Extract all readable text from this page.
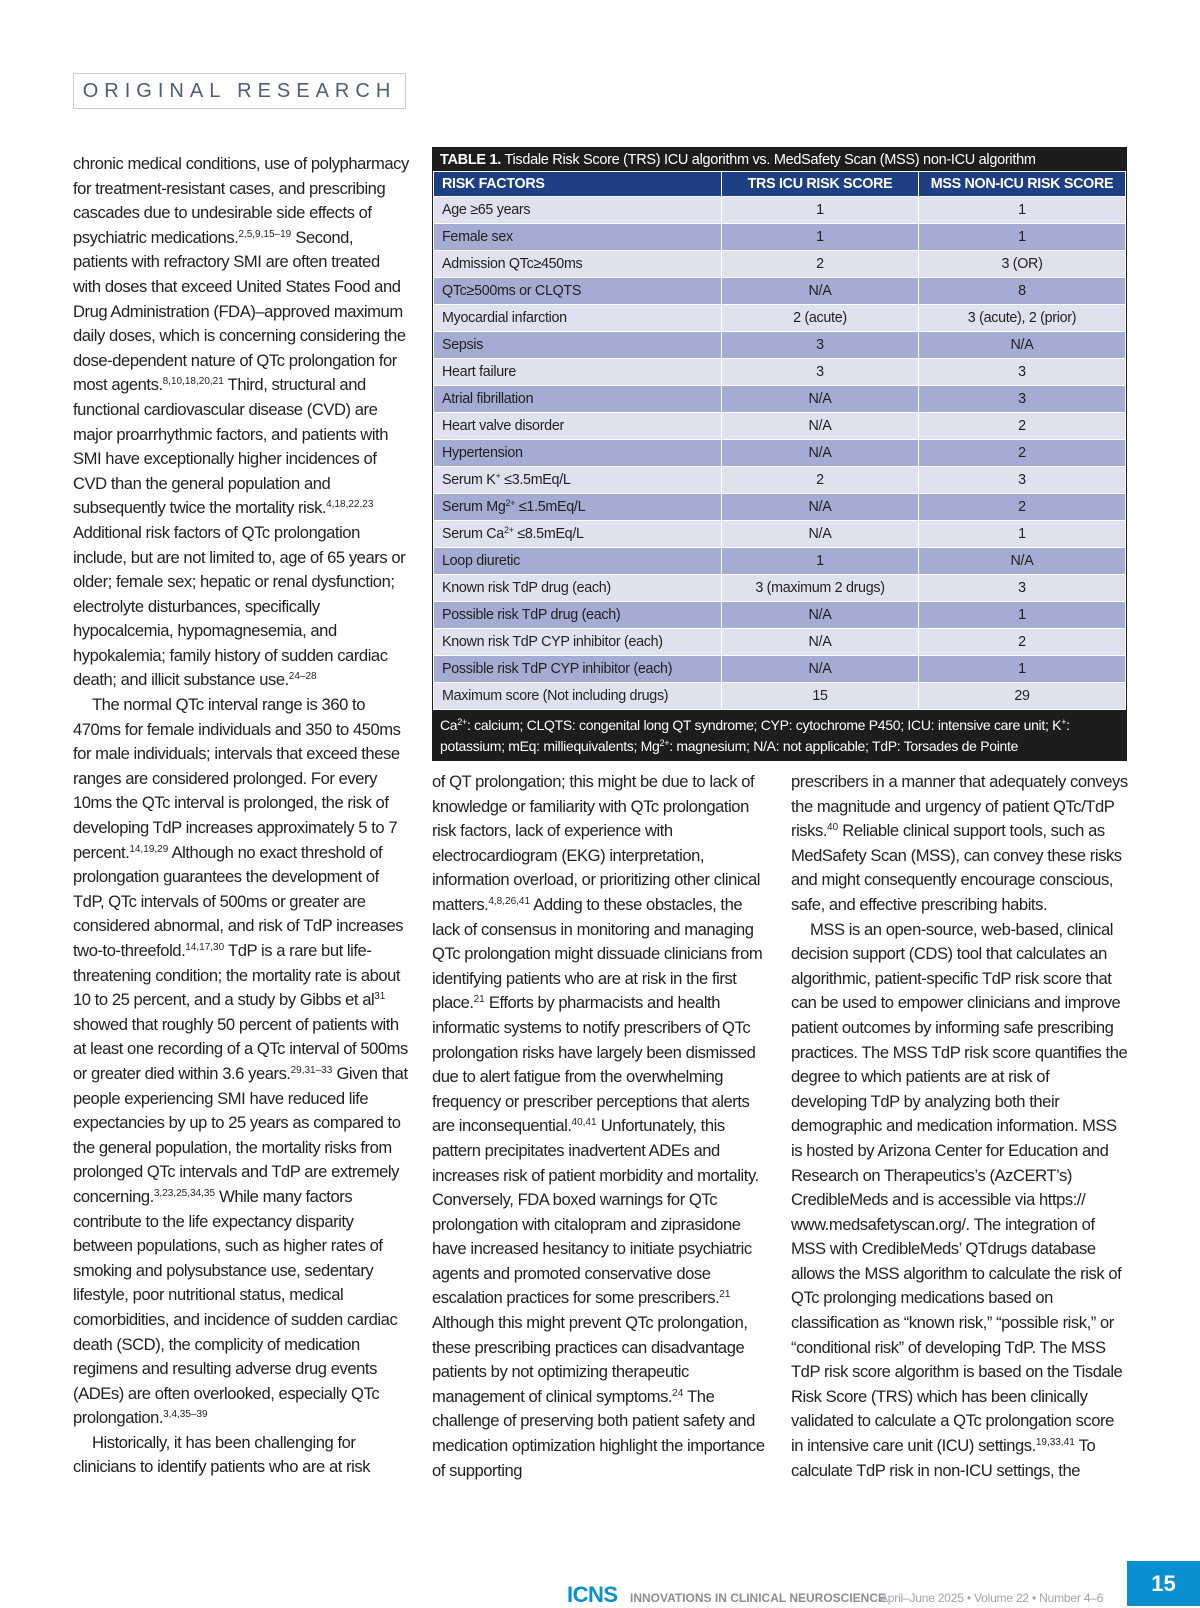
ORIGINAL RESEARCH

chronic medical conditions, use of polypharmacy for treatment-resistant cases, and prescribing cascades due to undesirable side effects of psychiatric medications.$^{2,5,9,15-19}$ Second, patients with refractory SMI are often treated with doses that exceed United States Food and Drug Administration (FDA)–approved maximum daily doses, which is concerning considering the dose-dependent nature of QTc prolongation for most agents.$^{8,10,18,20,21}$ Third, structural and functional cardiovascular disease (CVD) are major proarrhythmic factors, and patients with SMI have exceptionally higher incidences of CVD than the general population and subsequently twice the mortality risk.$^{4,18,22,23}$ Additional risk factors of QTc prolongation include, but are not limited to, age of 65 years or older; female sex; hepatic or renal dysfunction; electrolyte disturbances, specifically hypocalcemia, hypomagnesemia, and hypokalemia; family history of sudden cardiac death; and illicit substance use.$^{24-28}$

The normal QTc interval range is 360 to 470ms for female individuals and 350 to 450ms for male individuals; intervals that exceed these ranges are considered prolonged. For every 10ms the QTc interval is prolonged, the risk of developing TdP increases approximately 5 to 7 percent.$^{14,19,29}$ Although no exact threshold of prolongation guarantees the development of TdP, QTc intervals of 500ms or greater are considered abnormal, and risk of TdP increases two-to-threefold.$^{14,17,30}$ TdP is a rare but life-threatening condition; the mortality rate is about 10 to 25 percent, and a study by Gibbs et $al^{31}$ showed that roughly 50 percent of patients with at least one recording of a QTc interval of 500ms or greater died within 3.6 years.$^{29,31-33}$ Given that people experiencing SMI have reduced life expectancies by up to 25 years as compared to the general population, the mortality risks from prolonged QTc intervals and TdP are extremely concerning.$^{3,23,25,34,35}$ While many factors contribute to the life expectancy disparity between populations, such as higher rates of smoking and polysubstance use, sedentary lifestyle, poor nutritional status, medical comorbidities, and incidence of sudden cardiac death (SCD), the complicity of medication regimens and resulting adverse drug events (ADEs) are often overlooked, especially QTc prolongation.$^{3,4,35-39}$

Historically, it has been challenging for clinicians to identify patients who are at risk

TABLE 1. Tisdale Risk Score (TRS) ICU algorithm vs. MedSafety Scan (MSS) non-ICU algorithm
RISK FACTORS	TRS ICU RISK SCORE	MSS NON-ICU RISK SCORE
Age ≥65 years	1	1
Female sex	1	1
Admission QTc≥450ms	2	3 (OR)
QTc≥500ms or CLQTS	N/A	8
Myocardial infarction	2 (acute)	3 (acute), 2 (prior)
Sepsis	3	N/A
Heart failure	3	3
Atrial fibrillation	N/A	3
Heart valve disorder	N/A	2
Hypertension	N/A	2
Serum K+ ≤3.5mEq/L	2	3
Serum $Mg^{2+} \le 1.5mEq/L$	N/A	2
Serum $Ca^{2+} \le 8.5mEq/L$	N/A	1
Loop diuretic	1	N/A
Known risk TdP drug (each)	3 (maximum 2 drugs)	3
Possible risk TdP drug (each)	N/A	1
Known risk TdP CYP inhibitor (each)	N/A	2
Possible risk TdP CYP inhibitor (each)	N/A	1
Maximum score (Not including drugs)	15	29
$Ca^{2+}$: calcium; CLQTS: congenital long QT syndrome; CYP: cytochrome P450; ICU: intensive care unit; K+: potassium; mEq: milliequivalents; $Mg^{2+}$: magnesium; N/A: not applicable; TdP: Torsades de Pointe

of QT prolongation; this might be due to lack of knowledge or familiarity with QTc prolongation risk factors, lack of experience with electrocardiogram (EKG) interpretation, information overload, or prioritizing other clinical matters.$^{4,8,26,41}$ Adding to these obstacles, the lack of consensus in monitoring and managing QTc prolongation might dissuade clinicians from identifying patients who are at risk in the first place.$^{21}$ Efforts by pharmacists and health informatic systems to notify prescribers of QTc prolongation risks have largely been dismissed due to alert fatigue from the overwhelming frequency or prescriber perceptions that alerts are inconsequential.$^{40,41}$ Unfortunately, this pattern precipitates inadvertent ADEs and increases risk of patient morbidity and mortality. Conversely, FDA boxed warnings for QTc prolongation with citalopram and ziprasidone have increased hesitancy to initiate psychiatric agents and promoted conservative dose escalation practices for some prescribers.$^{21}$ Although this might prevent QTc prolongation, these prescribing practices can disadvantage patients by not optimizing therapeutic management of clinical symptoms.$^{24}$ The challenge of preserving both patient safety and medication optimization highlight the importance of supporting

prescribers in a manner that adequately conveys the magnitude and urgency of patient QTc/TdP risks.$^{40}$ Reliable clinical support tools, such as MedSafety Scan (MSS), can convey these risks and might consequently encourage conscious, safe, and effective prescribing habits.

MSS is an open-source, web-based, clinical decision support (CDS) tool that calculates an algorithmic, patient-specific TdP risk score that can be used to empower clinicians and improve patient outcomes by informing safe prescribing practices. The MSS TdP risk score quantifies the degree to which patients are at risk of developing TdP by analyzing both their demographic and medication information. MSS is hosted by Arizona Center for Education and Research on Therapeutics’s (AzCERT’s) CredibleMeds and is accessible via https:// www.medsafetyscan.org/. The integration of MSS with CredibleMeds’ QTdrugs database allows the MSS algorithm to calculate the risk of QTc prolonging medications based on classification as “known risk,” “possible risk,” or “conditional risk” of developing TdP. The MSS TdP risk score algorithm is based on the Tisdale Risk Score (TRS) which has been clinically validated to calculate a QTc prolongation score in intensive care unit (ICU) settings.$^{19,33,41}$ To calculate TdP risk in non-ICU settings, the

ICNS INNOVATIONS IN CLINICAL NEUROSCIENCE
April–June 2025 • Volume 22 • Number 4–6
15
